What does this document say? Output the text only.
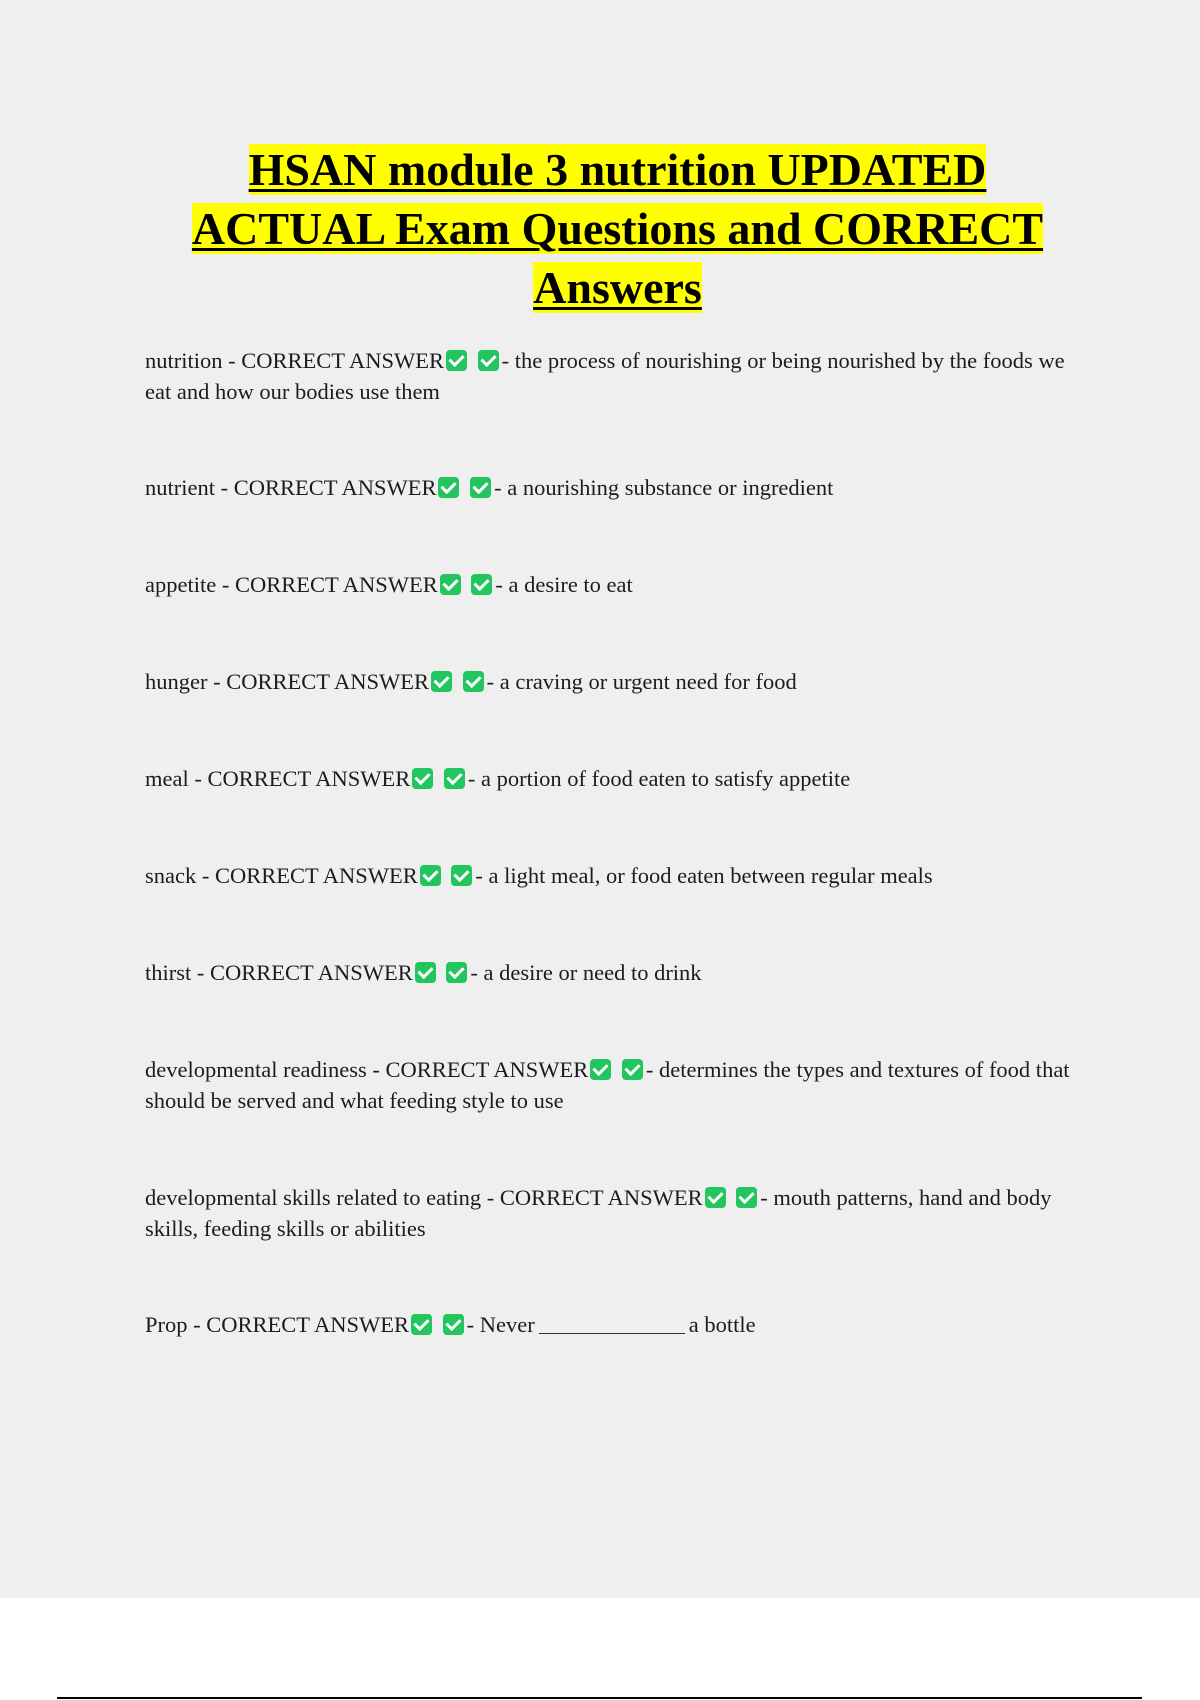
HSAN module 3 nutrition UPDATED ACTUAL Exam Questions and CORRECT Answers
nutrition - CORRECT ANSWER	- the process of nourishing or being nourished by the foods we eat and how our bodies use them
nutrient - CORRECT ANSWER	- a nourishing substance or ingredient
appetite - CORRECT ANSWER	- a desire to eat
hunger - CORRECT ANSWER	- a craving or urgent need for food
meal - CORRECT ANSWER	- a portion of food eaten to satisfy appetite
snack - CORRECT ANSWER	- a light meal, or food eaten between regular meals
thirst - CORRECT ANSWER	- a desire or need to drink
developmental readiness - CORRECT ANSWER	- determines the types and textures of food that should be served and what feeding style to use
developmental skills related to eating - CORRECT ANSWER	- mouth patterns, hand and body skills, feeding skills or abilities
Prop - CORRECT ANSWER	- Never	a bottle
